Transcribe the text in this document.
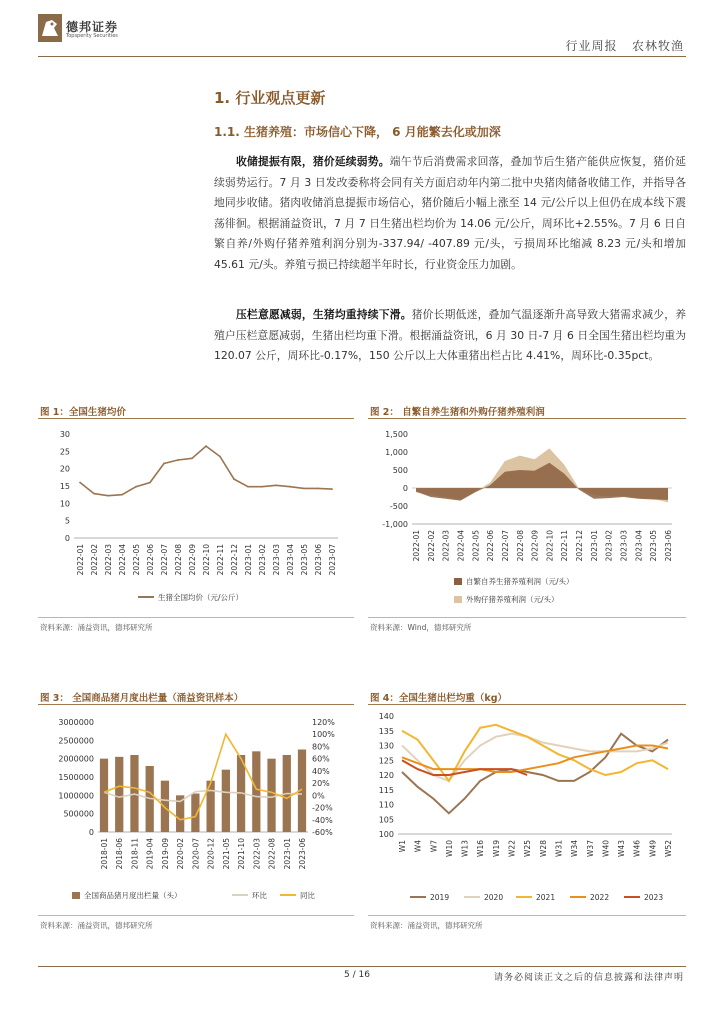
德邦证券
Topsperity Securities
行业周报 农林牧渔
1. 行业观点更新
1.1. 生猪养殖：市场信心下降， 6 月能繁去化或加深
收储提振有限，猪价延续弱势。端午节后消费需求回落，叠加节后生猪产能供应恢复，猪价延续弱势运行。7 月 3 日发改委称将会同有关方面启动年内第二批中央猪肉储备收储工作，并指导各地同步收储。猪肉收储消息提振市场信心，猪价随后小幅上涨至 14 元/公斤以上但仍在成本线下震荡徘徊。根据涌益资讯，7 月 7 日生猪出栏均价为 14.06 元/公斤，周环比+2.55%。7 月 6 日自繁自养/外购仔猪养殖利润分别为-337.94/ -407.89 元/头，亏损周环比缩减 8.23 元/头和增加 45.61 元/头。养殖亏损已持续超半年时长，行业资金压力加剧。
压栏意愿减弱，生猪均重持续下滑。猪价长期低迷，叠加气温逐渐升高导致大猪需求减少，养殖户压栏意愿减弱，生猪出栏均重下滑。根据涌益资讯，6 月 30 日-7 月 6 日全国生猪出栏均重为 120.07 公斤，周环比-0.17%，150 公斤以上大体重猪出栏占比 4.41%，周环比-0.35pct。
图 1：全国生猪均价
0
5
10
15
20
25
30
2022-01 2022-02 2022-03 2022-04 2022-05 2022-06 2022-07 2022-08 2022-09 2022-10 2022-11 2022-12 2023-01 2023-02 2023-03 2023-04 2023-05 2023-06 2023-07
生猪全国均价（元/公斤）
资料来源：涌益资讯，德邦研究所
图 2： 自繁自养生猪和外购仔猪养殖利润
1,500
1,000
500
0
-500
-1,000
2022-01 2022-02 2022-03 2022-04 2022-05 2022-06 2022-07 2022-08 2022-09 2022-10 2022-11 2022-12 2023-01 2023-02 2023-03 2023-04 2023-05 2023-06
自繁自养生猪养殖利润（元/头）
外购仔猪养殖利润（元/头）
资料来源：Wind，德邦研究所
图 3： 全国商品猪月度出栏量（涌益资讯样本）
3000000
2500000
2000000
1500000
1000000
500000
0
120%
100%
80%
60%
40%
20%
0%
-20%
-40%
-60%
2018-01 2018-06 2018-11 2019-04 2019-09 2020-02 2020-07 2020-12 2021-05 2021-10 2022-03 2022-08 2023-01 2023-06
全国商品猪月度出栏量（头）	环比	同比
资料来源：涌益资讯，德邦研究所
图 4：全国生猪出栏均重（kg）
140
135
130
125
120
115
110
105
100
W1 W4 W7 W10 W13 W16 W19 W22 W25 W28 W31 W34 W37 W40 W43 W46 W49 W52
2019	2020	2021	2022	2023
资料来源：涌益资讯，德邦研究所
5 / 16	请务必阅读正文之后的信息披露和法律声明
